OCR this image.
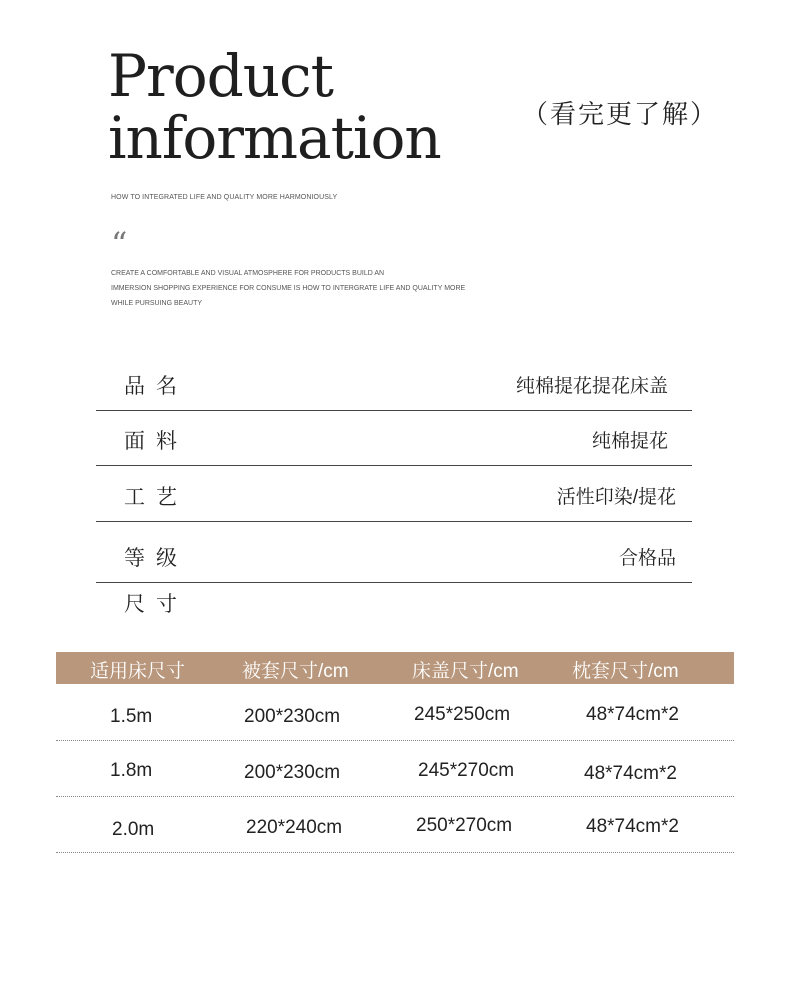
Product
information	（看完更了解）
HOW TO INTEGRATED LIFE AND QUALITY MORE HARMONIOUSLY
“
CREATE A COMFORTABLE AND VISUAL ATMOSPHERE FOR PRODUCTS BUILD AN
IMMERSION SHOPPING EXPERIENCE FOR CONSUME IS HOW TO INTERGRATE LIFE AND QUALITY MORE
WHILE PURSUING BEAUTY
品名	纯棉提花提花床盖
面料	纯棉提花
工艺	活性印染/提花
等级	合格品
尺寸
适用床尺寸	被套尺寸/cm	床盖尺寸/cm	枕套尺寸/cm
1.5m	200*230cm	245*250cm	48*74cm*2
1.8m	200*230cm	245*270cm	48*74cm*2
2.0m	220*240cm	250*270cm	48*74cm*2
